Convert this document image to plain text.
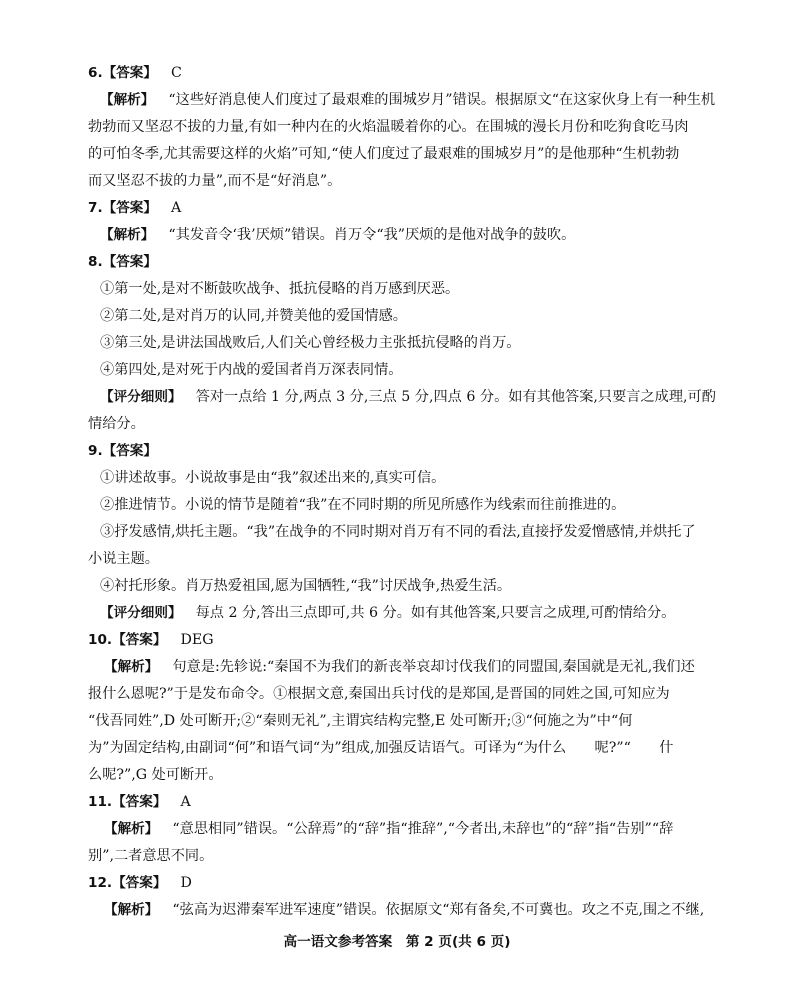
6.【答案】 C
【解析】 “这些好消息使人们度过了最艰难的围城岁月”错误。根据原文“在这家伙身上有一种生机
勃勃而又坚忍不拔的力量,有如一种内在的火焰温暖着你的心。在围城的漫长月份和吃狗食吃马肉
的可怕冬季,尤其需要这样的火焰”可知,“使人们度过了最艰难的围城岁月”的是他那种“生机勃勃
而又坚忍不拔的力量”,而不是“好消息”。
7.【答案】 A
【解析】 “其发音令‘我’厌烦”错误。肖万令“我”厌烦的是他对战争的鼓吹。
8.【答案】
①第一处,是对不断鼓吹战争、抵抗侵略的肖万感到厌恶。
②第二处,是对肖万的认同,并赞美他的爱国情感。
③第三处,是讲法国战败后,人们关心曾经极力主张抵抗侵略的肖万。
④第四处,是对死于内战的爱国者肖万深表同情。
【评分细则】 答对一点给 1 分,两点 3 分,三点 5 分,四点 6 分。如有其他答案,只要言之成理,可酌
情给分。
9.【答案】
①讲述故事。小说故事是由“我”叙述出来的,真实可信。
②推进情节。小说的情节是随着“我”在不同时期的所见所感作为线索而往前推进的。
③抒发感情,烘托主题。“我”在战争的不同时期对肖万有不同的看法,直接抒发爱憎感情,并烘托了
小说主题。
④衬托形象。肖万热爱祖国,愿为国牺牲,“我”讨厌战争,热爱生活。
【评分细则】 每点 2 分,答出三点即可,共 6 分。如有其他答案,只要言之成理,可酌情给分。
10.【答案】 DEG
【解析】 句意是:先轸说:“秦国不为我们的新丧举哀却讨伐我们的同盟国,秦国就是无礼,我们还
报什么恩呢?”于是发布命令。①根据文意,秦国出兵讨伐的是郑国,是晋国的同姓之国,可知应为
“伐吾同姓”,D 处可断开;②“秦则无礼”,主谓宾结构完整,E 处可断开;③“何施之为”中“何
为”为固定结构,由副词“何”和语气词“为”组成,加强反诘语气。可译为“为什么　　呢?”“　　什
么呢?”,G 处可断开。
11.【答案】 A
【解析】 “意思相同”错误。“公辞焉”的“辞”指“推辞”,“今者出,未辞也”的“辞”指“告别”“辞
别”,二者意思不同。
12.【答案】 D
【解析】 “弦高为迟滞秦军进军速度”错误。依据原文“郑有备矣,不可冀也。攻之不克,围之不继,
高一语文参考答案　第 2 页(共 6 页)
